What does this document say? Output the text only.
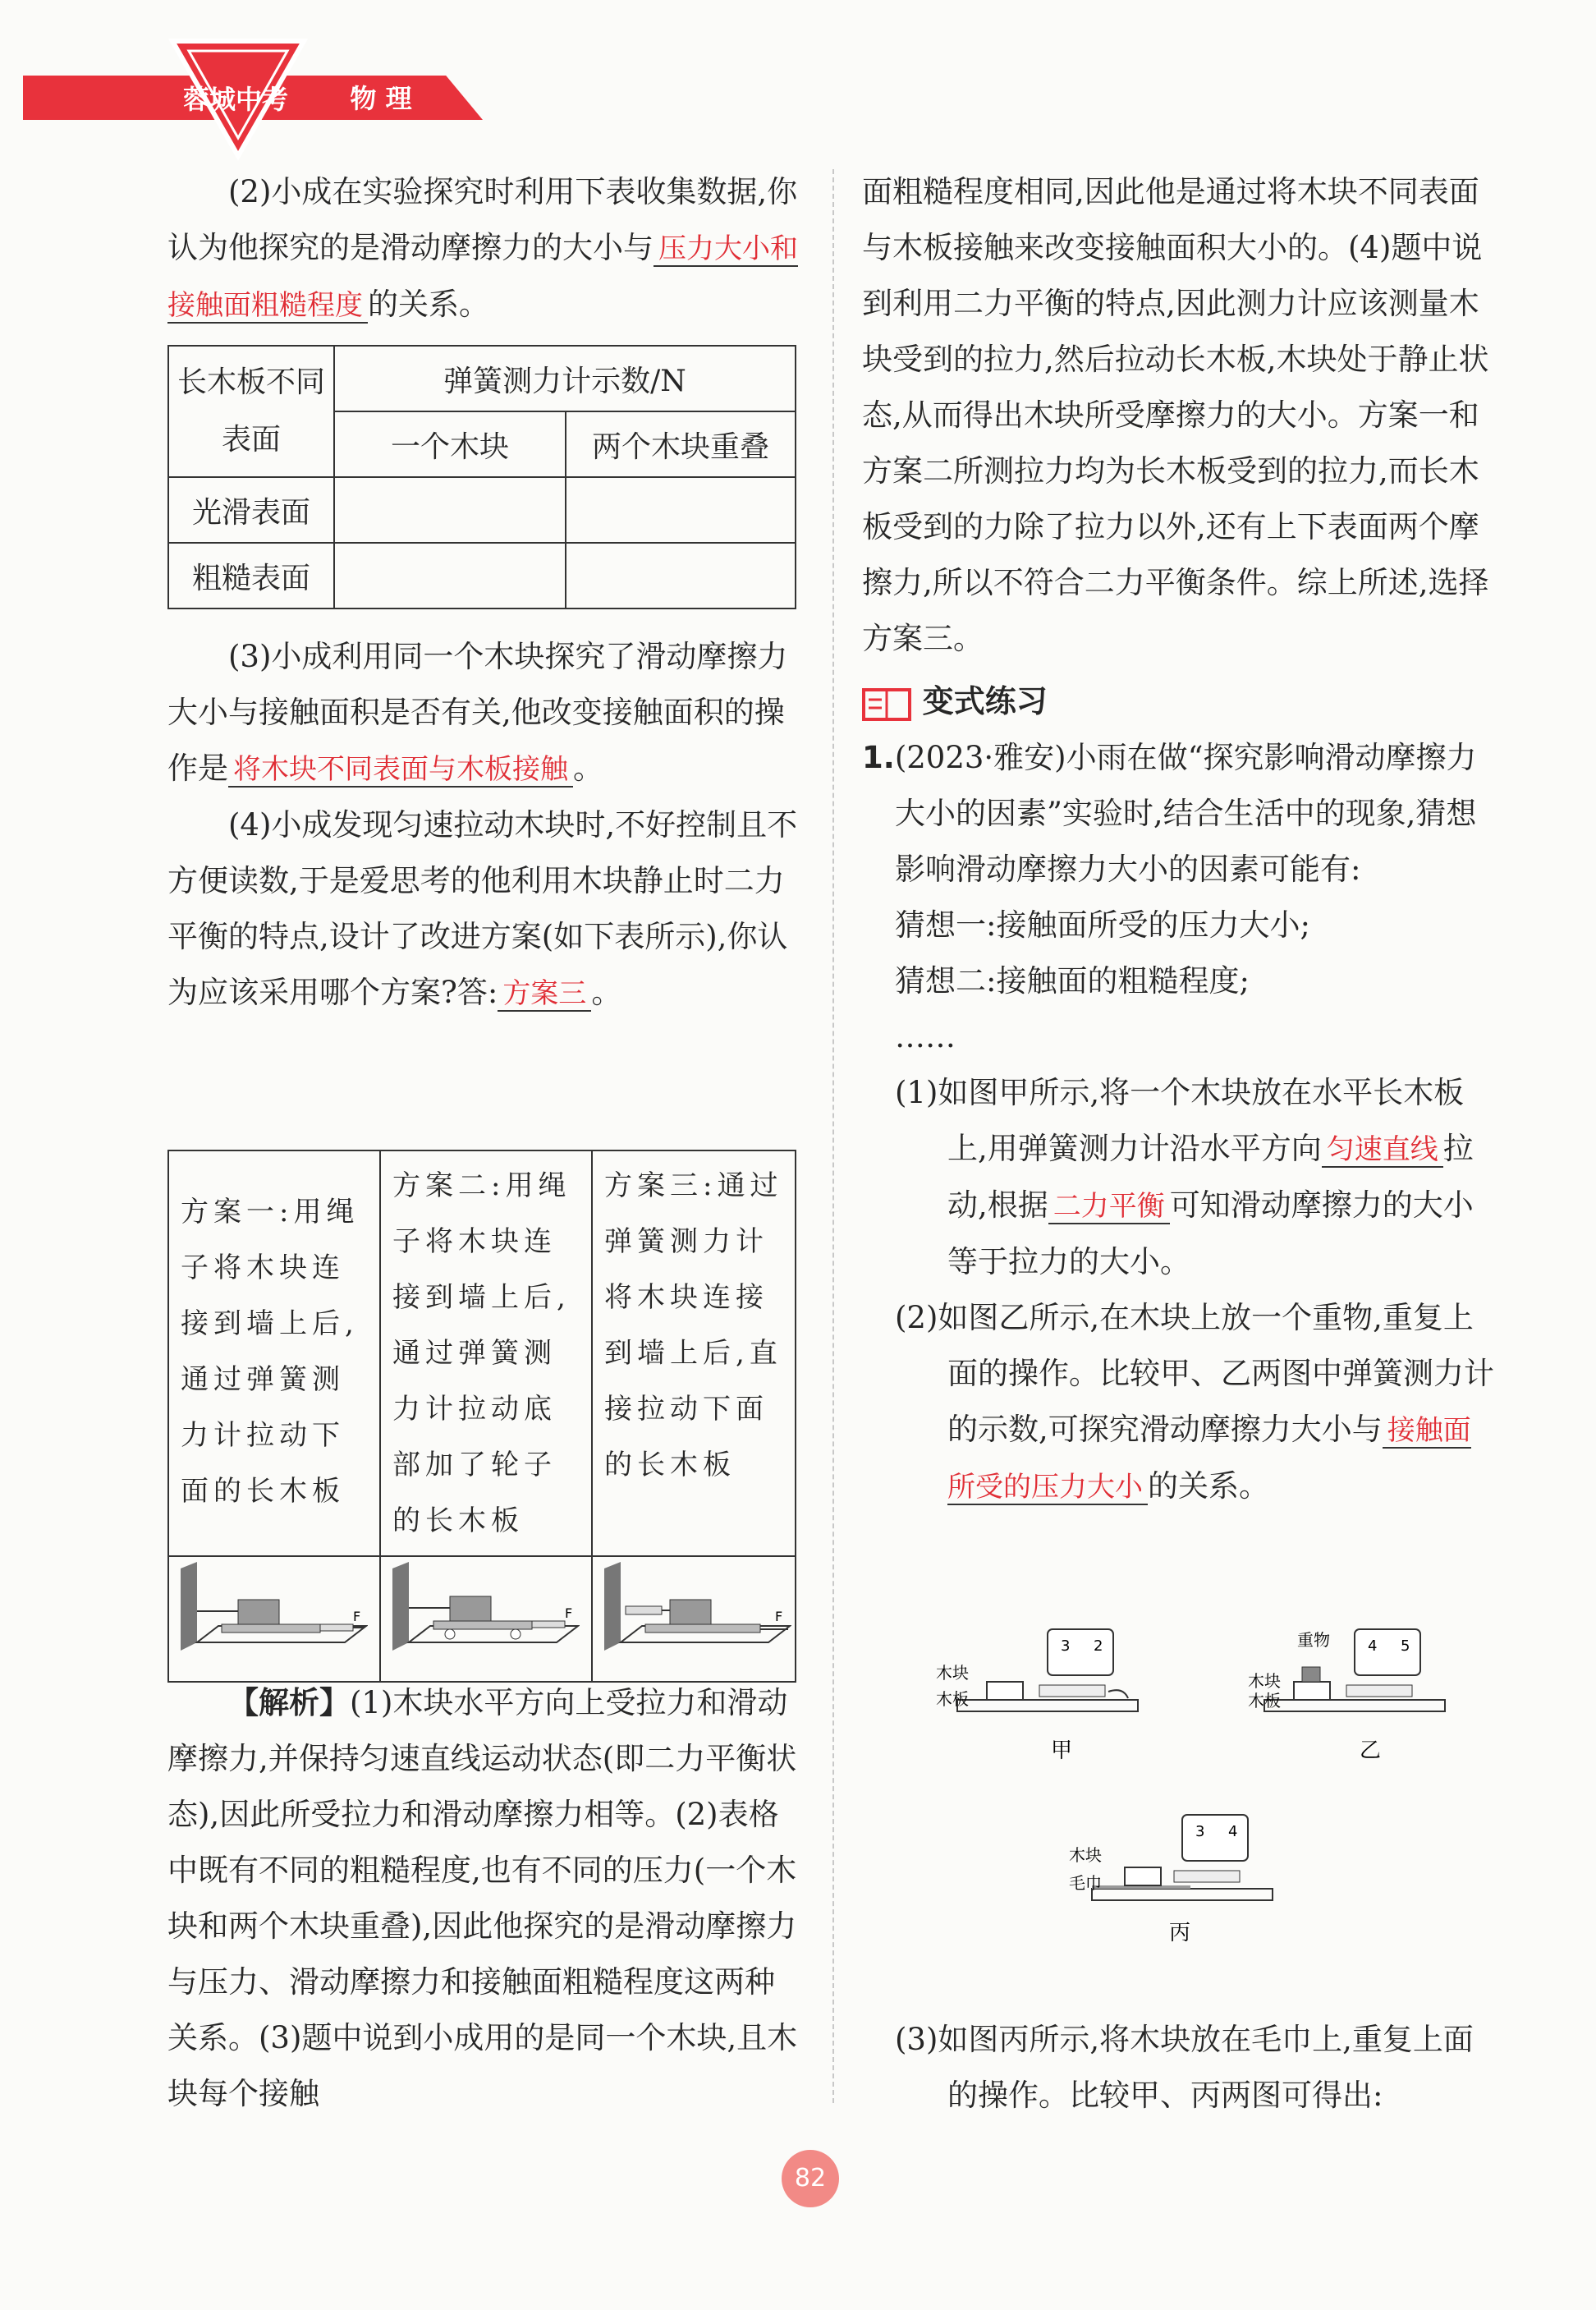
蓉城中考	物 理

(2)小成在实验探究时利用下表收集数据,你认为他探究的是滑动摩擦力的大小与 压力大小和接触面粗糙程度 的关系。

长木板不同表面	弹簧测力计示数/N	
	一个木块	两个木块重叠
光滑表面		
粗糙表面		

(3)小成利用同一个木块探究了滑动摩擦力大小与接触面积是否有关,他改变接触面积的操作是 将木块不同表面与木板接触 。

(4)小成发现匀速拉动木块时,不好控制且不方便读数,于是爱思考的他利用木块静止时二力平衡的特点,设计了改进方案(如下表所示),你认为应该采用哪个方案?答: 方案三 。

方案一:用绳子将木块连接到墙上后,通过弹簧测力计拉动下面的长木板	方案二:用绳子将木块连接到墙上后,通过弹簧测力计拉动底部加了轮子的长木板	方案三:通过弹簧测力计将木块连接到墙上后,直接拉动下面的长木板

F	F	F

【解析】(1)木块水平方向上受拉力和滑动摩擦力,并保持匀速直线运动状态(即二力平衡状态),因此所受拉力和滑动摩擦力相等。(2)表格中既有不同的粗糙程度,也有不同的压力(一个木块和两个木块重叠),因此他探究的是滑动摩擦力与压力、滑动摩擦力和接触面粗糙程度这两种关系。(3)题中说到小成用的是同一个木块,且木块每个接触

面粗糙程度相同,因此他是通过将木块不同表面与木板接触来改变接触面积大小的。(4)题中说到利用二力平衡的特点,因此测力计应该测量木块受到的拉力,然后拉动长木板,木块处于静止状态,从而得出木块所受摩擦力的大小。方案一和方案二所测拉力均为长木板受到的拉力,而长木板受到的力除了拉力以外,还有上下表面两个摩擦力,所以不符合二力平衡条件。综上所述,选择方案三。

变式练习

1.(2023·雅安)小雨在做“探究影响滑动摩擦力大小的因素”实验时,结合生活中的现象,猜想影响滑动摩擦力大小的因素可能有:

猜想一:接触面所受的压力大小;

猜想二:接触面的粗糙程度;

……

(1)如图甲所示,将一个木块放在水平长木板上,用弹簧测力计沿水平方向 匀速直线 拉动,根据 二力平衡 可知滑动摩擦力的大小等于拉力的大小。

(2)如图乙所示,在木块上放一个重物,重复上面的操作。比较甲、乙两图中弹簧测力计的示数,可探究滑动摩擦力大小与 接触面所受的压力大小 的关系。

3 2
木块
木板
甲
4 5
重物
木块
木板
乙
3 4
木块
毛巾
丙

(3)如图丙所示,将木块放在毛巾上,重复上面的操作。比较甲、丙两图可得出:

82
